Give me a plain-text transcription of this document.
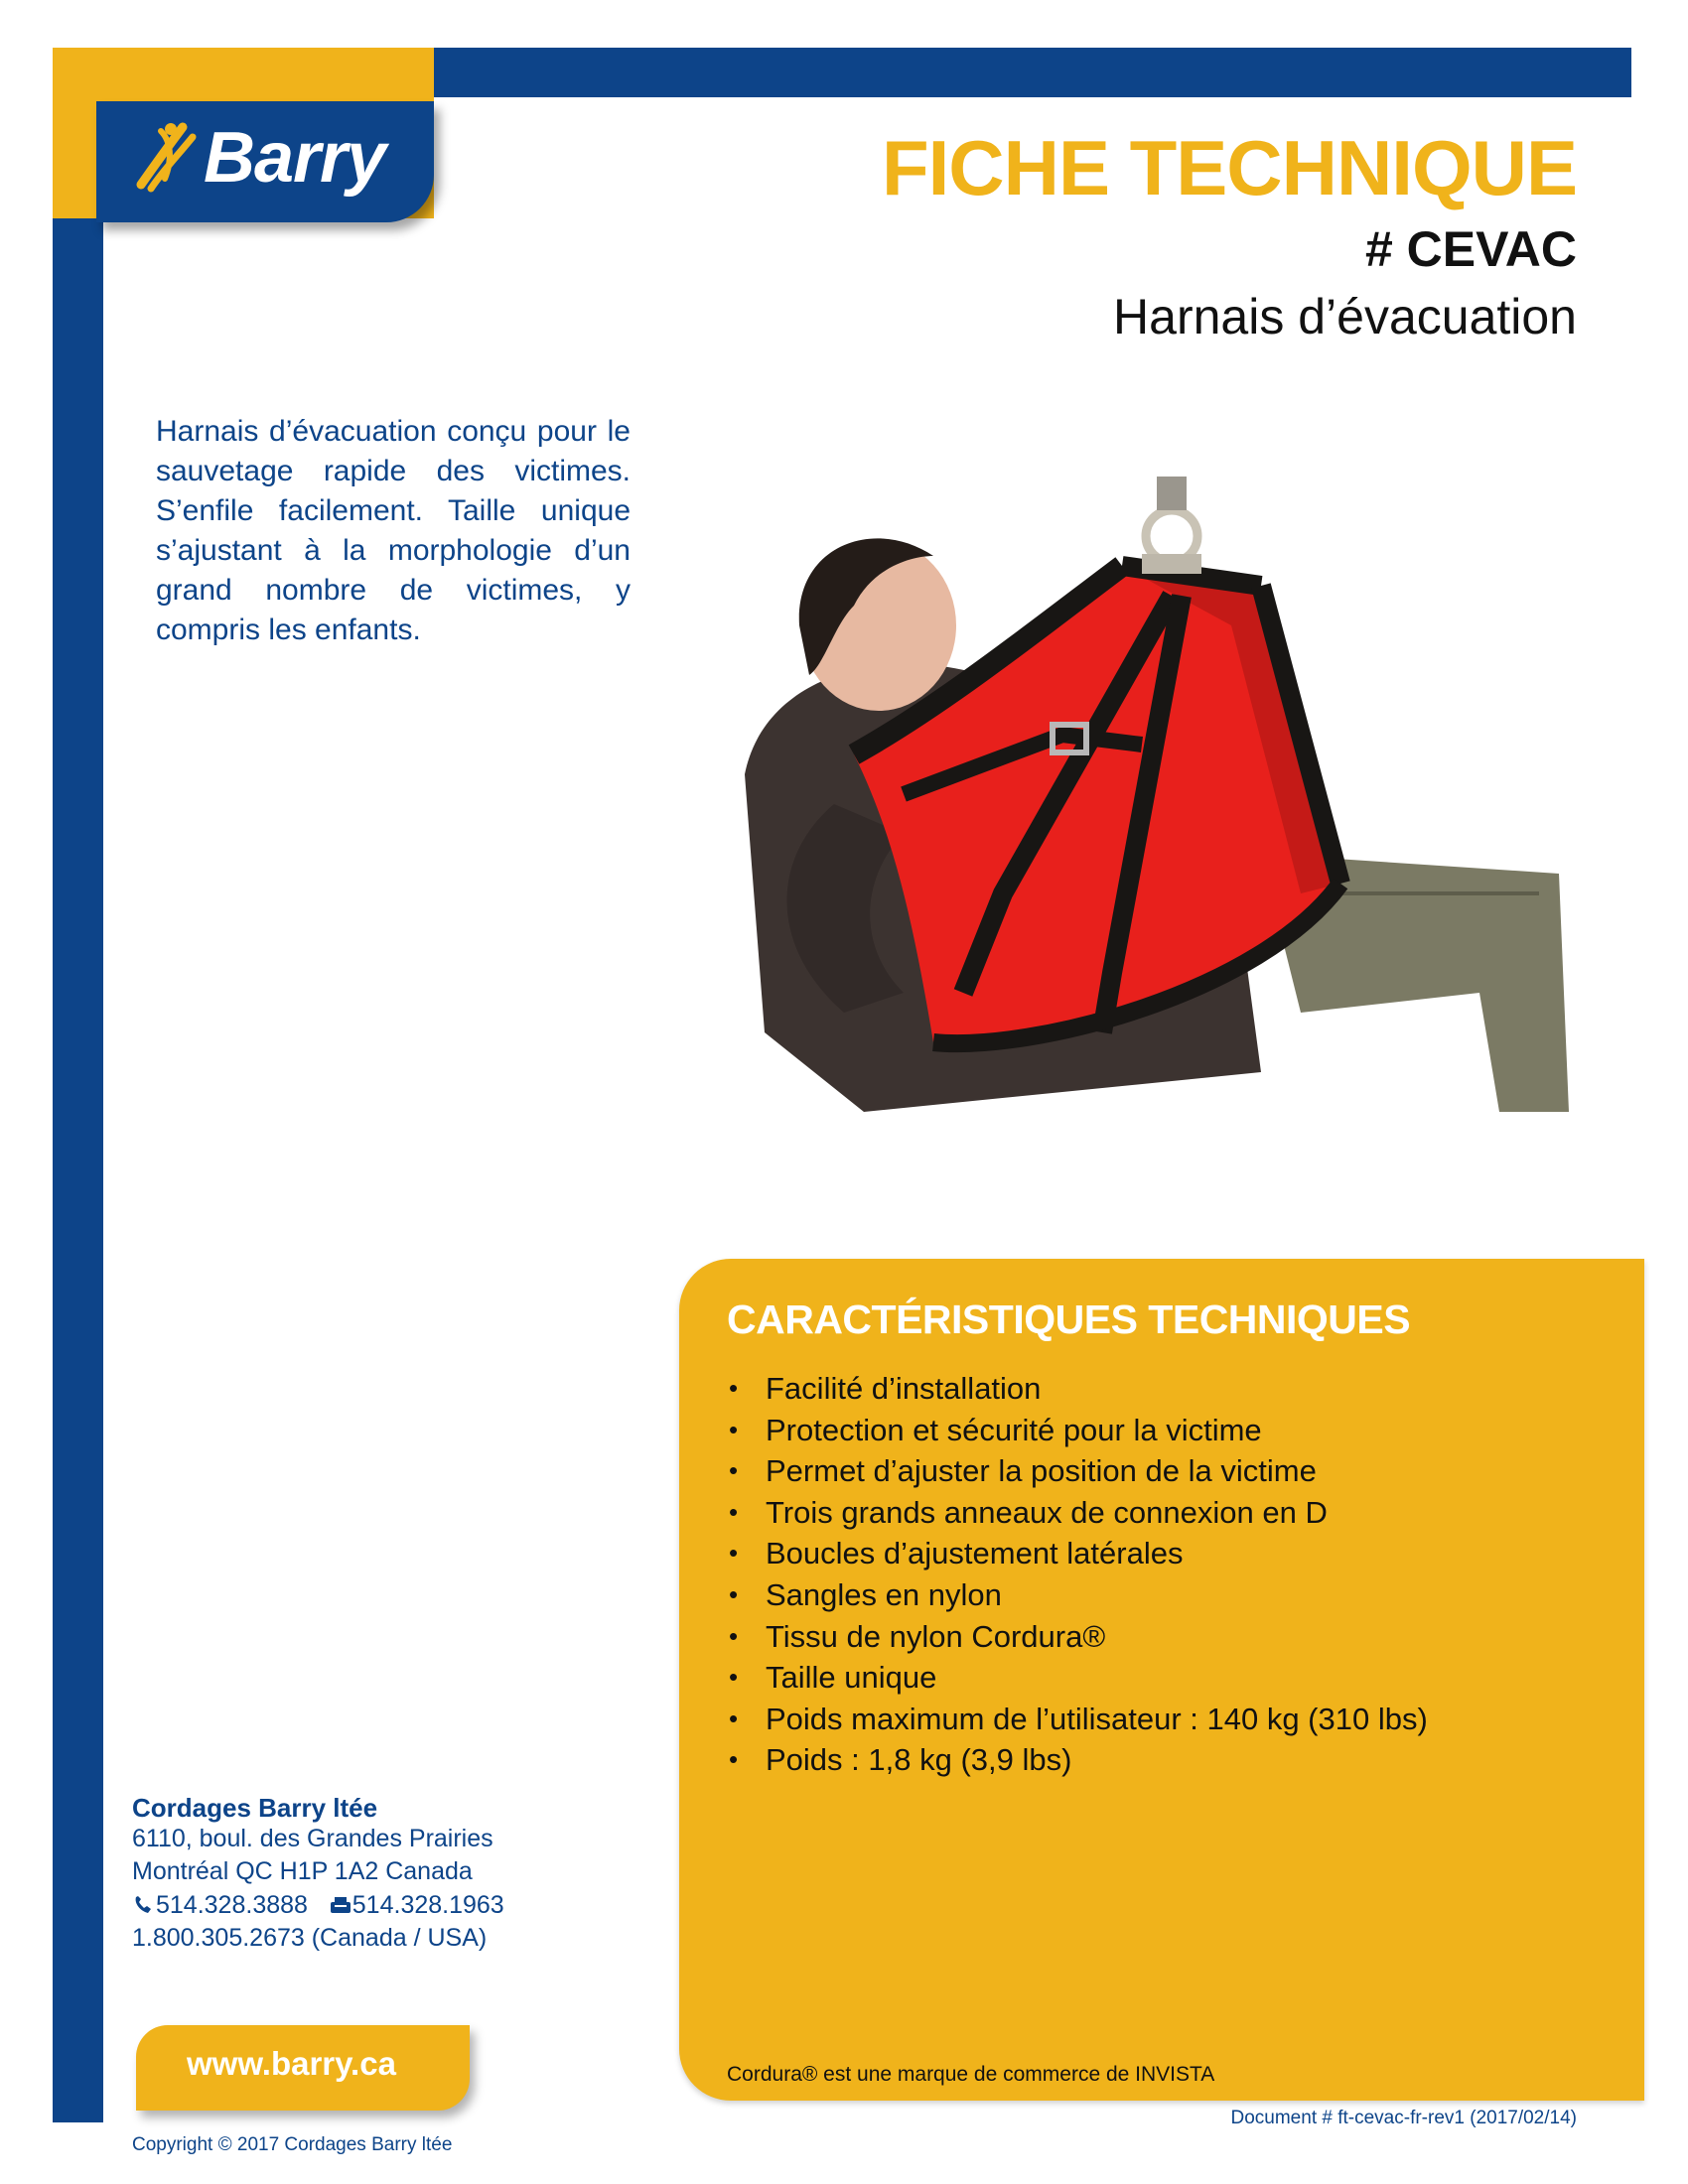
Barry	FICHE TECHNIQUE
# CEVAC
Harnais d’évacuation

Harnais d’évacuation conçu pour le sauvetage rapide des victimes. S’enfile facilement. Taille unique s’ajustant à la morphologie d’un grand nombre de victimes, y compris les enfants.

CARACTÉRISTIQUES TECHNIQUES
• Facilité d’installation
• Protection et sécurité pour la victime
• Permet d’ajuster la position de la victime
• Trois grands anneaux de connexion en D
• Boucles d’ajustement latérales
• Sangles en nylon
• Tissu de nylon Cordura®
• Taille unique
• Poids maximum de l’utilisateur : 140 kg (310 lbs)
• Poids : 1,8 kg (3,9 lbs)
Cordura® est une marque de commerce de INVISTA
Cordages Barry ltée
6110, boul. des Grandes Prairies
Montréal QC H1P 1A2 Canada
514.328.3888 514.328.1963
1.800.305.2673 (Canada / USA)
www.barry.ca
Copyright © 2017 Cordages Barry ltée
Document # ft-cevac-fr-rev1 (2017/02/14)
